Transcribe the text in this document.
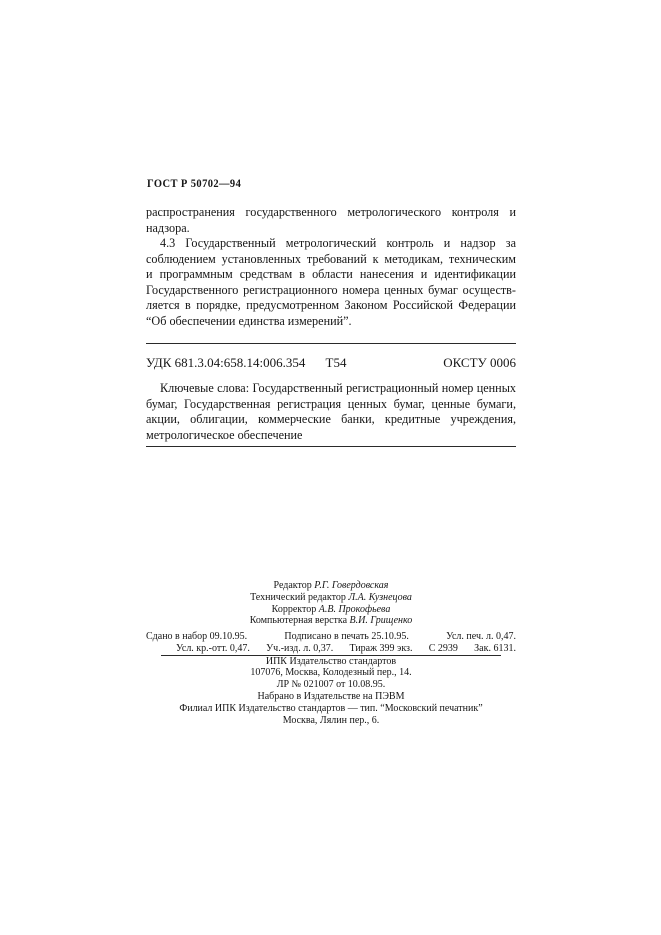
ГОСТ Р 50702—94
распространения государственного метрологического контроля и
надзора.
4.3 Государственный метрологический контроль и надзор за
соблюдением установленных требований к методикам, техническим
и программным средствам в области нанесения и идентификации
Государственного регистрационного номера ценных бумаг осуществ-
ляется в порядке, предусмотренном Законом Российской Федерации
“Об обеспечении единства измерений”.
УДК 681.3.04:658.14:006.354	Т54	ОКСТУ 0006
Ключевые слова: Государственный регистрационный номер ценных
бумаг, Государственная регистрация ценных бумаг, ценные бумаги,
акции, облигации, коммерческие банки, кредитные учреждения,
метрологическое обеспечение
Редактор Р.Г. Говердовская
Технический редактор Л.А. Кузнецова
Корректор А.В. Прокофьева
Компьютерная верстка В.И. Грищенко
Сдано в набор 09.10.95.	Подписано в печать 25.10.95.	Усл. печ. л. 0,47.
Усл. кр.-отт. 0,47. Уч.-изд. л. 0,37. Тираж 399 экз. С 2939 Зак. 6131.
ИПК Издательство стандартов
107076, Москва, Колодезный пер., 14.
ЛР № 021007 от 10.08.95.
Набрано в Издательстве на ПЭВМ
Филиал ИПК Издательство стандартов — тип. “Московский печатник”
Москва, Лялин пер., 6.
